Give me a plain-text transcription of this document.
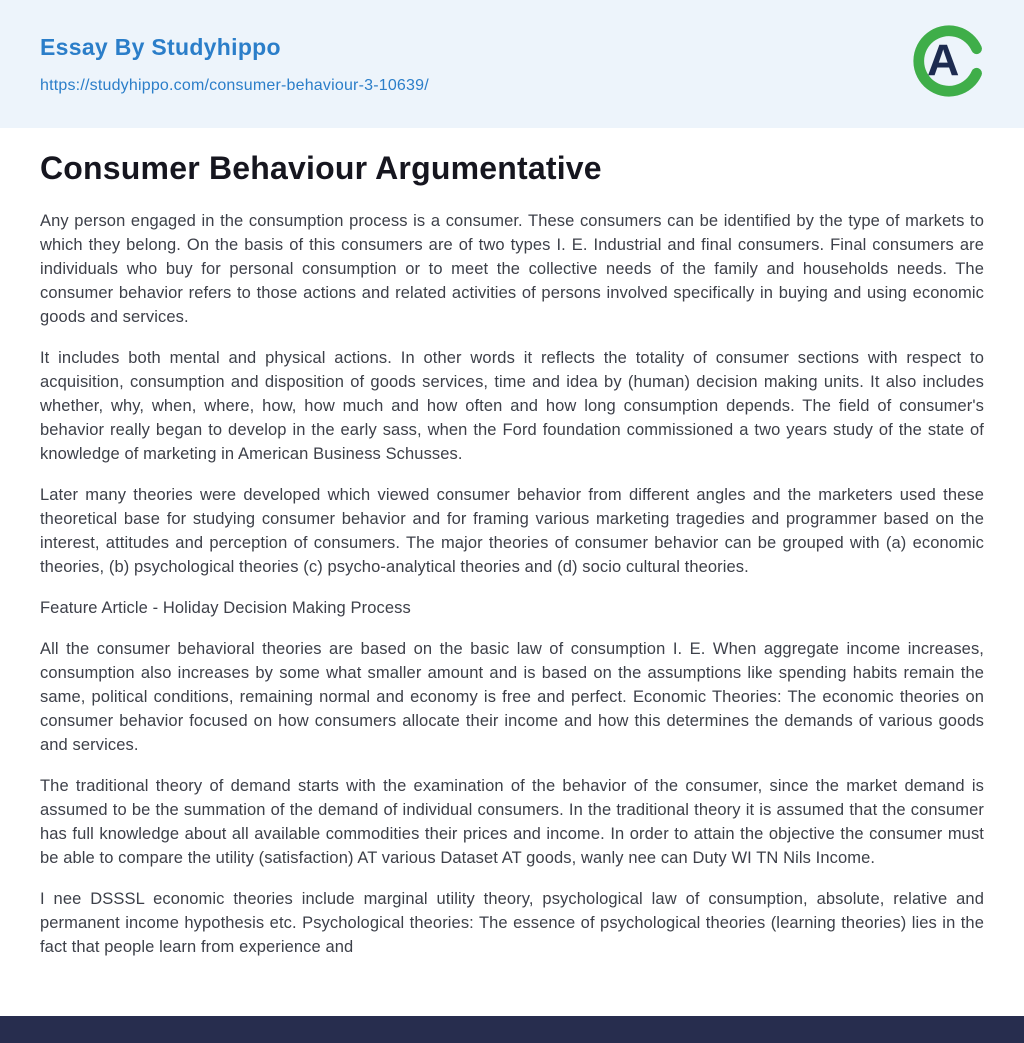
Essay By Studyhippo
https://studyhippo.com/consumer-behaviour-3-10639/	A
Consumer Behaviour Argumentative

Any person engaged in the consumption process is a consumer. These consumers can be identified by the type of markets to which they belong. On the basis of this consumers are of two types I. E. Industrial and final consumers. Final consumers are individuals who buy for personal consumption or to meet the collective needs of the family and households needs. The consumer behavior refers to those actions and related activities of persons involved specifically in buying and using economic goods and services.

It includes both mental and physical actions. In other words it reflects the totality of consumer sections with respect to acquisition, consumption and disposition of goods services, time and idea by (human) decision making units. It also includes whether, why, when, where, how, how much and how often and how long consumption depends. The field of consumer's behavior really began to develop in the early sass, when the Ford foundation commissioned a two years study of the state of knowledge of marketing in American Business Schusses.

Later many theories were developed which viewed consumer behavior from different angles and the marketers used these theoretical base for studying consumer behavior and for framing various marketing tragedies and programmer based on the interest, attitudes and perception of consumers. The major theories of consumer behavior can be grouped with (a) economic theories, (b) psychological theories (c) psycho-analytical theories and (d) socio cultural theories.

Feature Article - Holiday Decision Making Process

All the consumer behavioral theories are based on the basic law of consumption I. E. When aggregate income increases, consumption also increases by some what smaller amount and is based on the assumptions like spending habits remain the same, political conditions, remaining normal and economy is free and perfect. Economic Theories: The economic theories on consumer behavior focused on how consumers allocate their income and how this determines the demands of various goods and services.

The traditional theory of demand starts with the examination of the behavior of the consumer, since the market demand is assumed to be the summation of the demand of individual consumers. In the traditional theory it is assumed that the consumer has full knowledge about all available commodities their prices and income. In order to attain the objective the consumer must be able to compare the utility (satisfaction) AT various Dataset AT goods, wanly nee can Duty WI TN Nils Income.

I nee DSSSL economic theories include marginal utility theory, psychological law of consumption, absolute, relative and permanent income hypothesis etc. Psychological theories: The essence of psychological theories (learning theories) lies in the fact that people learn from experience and
